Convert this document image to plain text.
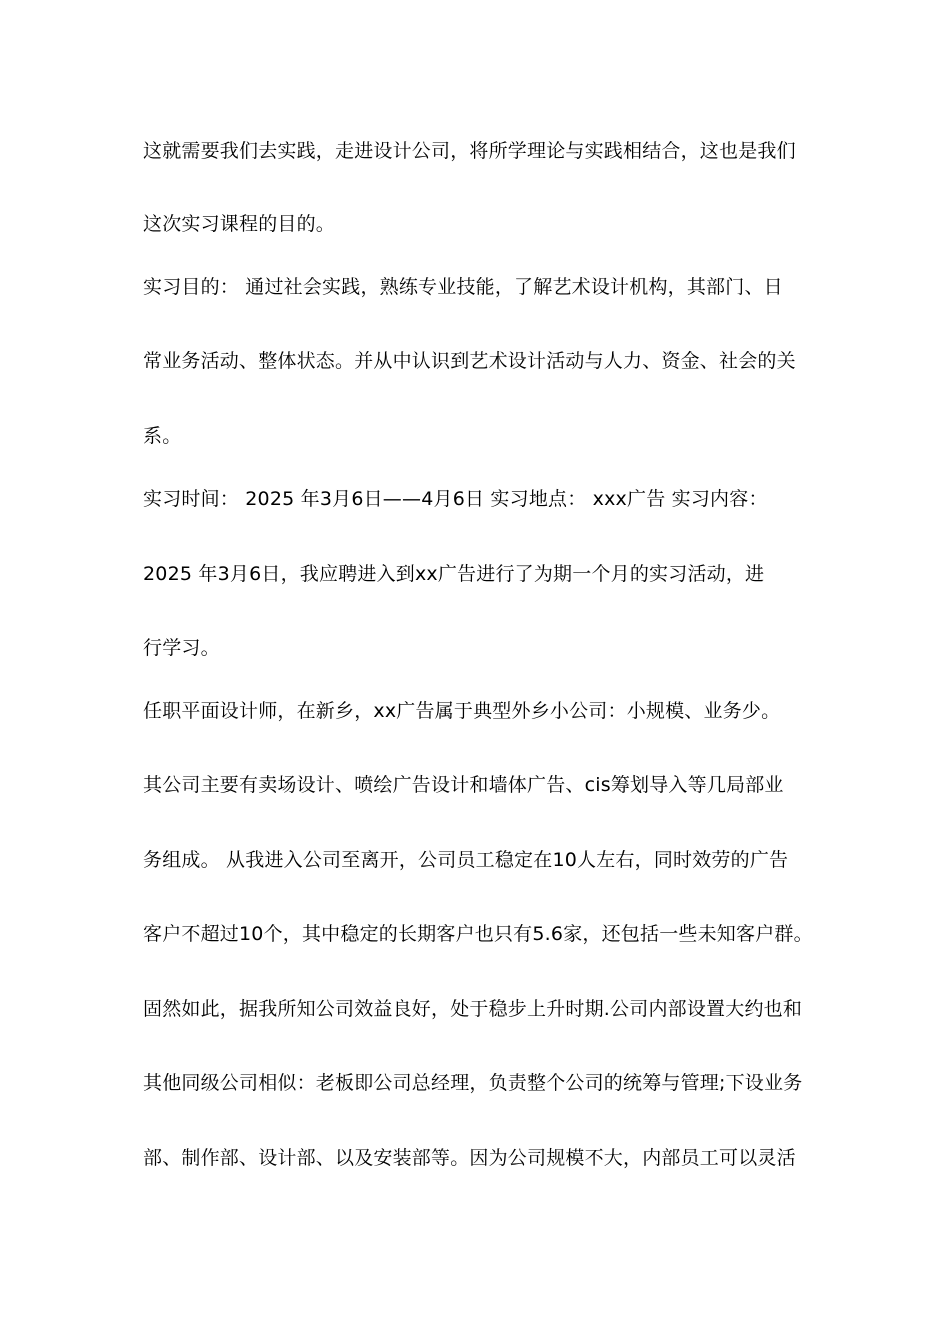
这就需要我们去实践，走进设计公司，将所学理论与实践相结合，这也是我们
这次实习课程的目的。
实习目的： 通过社会实践，熟练专业技能，了解艺术设计机构，其部门、日
常业务活动、整体状态。并从中认识到艺术设计活动与人力、资金、社会的关
系。
实习时间： 2025 年3月6日——4月6日 实习地点： xxx广告 实习内容：
2025 年3月6日，我应聘进入到xx广告进行了为期一个月的实习活动，进
行学习。
任职平面设计师，在新乡，xx广告属于典型外乡小公司：小规模、业务少。
其公司主要有卖场设计、喷绘广告设计和墙体广告、cis筹划导入等几局部业
务组成。 从我进入公司至离开，公司员工稳定在10人左右，同时效劳的广告
客户不超过10个，其中稳定的长期客户也只有5.6家，还包括一些未知客户群。
固然如此，据我所知公司效益良好，处于稳步上升时期.公司内部设置大约也和
其他同级公司相似：老板即公司总经理，负责整个公司的统筹与管理;下设业务
部、制作部、设计部、以及安装部等。因为公司规模不大，内部员工可以灵活
